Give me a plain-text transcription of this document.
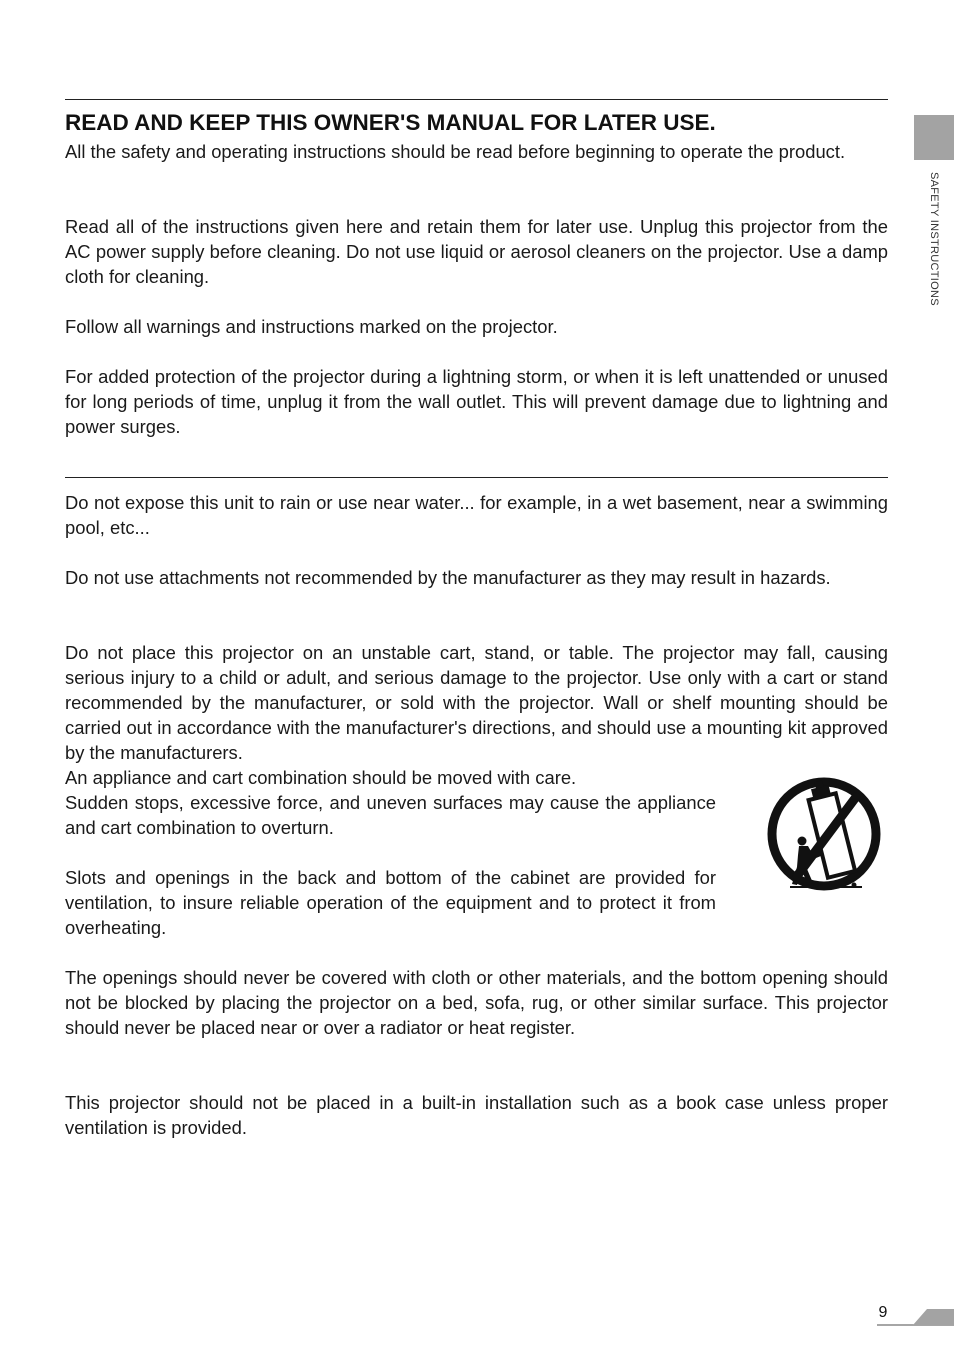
SAFETY INSTRUCTIONS
READ AND KEEP THIS OWNER'S MANUAL FOR LATER USE.

All the safety and operating instructions should be read before beginning to operate the product.

Read all of the instructions given here and retain them for later use. Unplug this projector from the AC power supply before cleaning. Do not use liquid or aerosol cleaners on the projector. Use a damp cloth for cleaning.

Follow all warnings and instructions marked on the projector.

For added protection of the projector during a lightning storm, or when it is left unattended or unused for long periods of time, unplug it from the wall outlet. This will prevent damage due to lightning and power surges.

Do not expose this unit to rain or use near water... for example, in a wet basement, near a swimming pool, etc...

Do not use attachments not recommended by the manufacturer as they may result in hazards.

Do not place this projector on an unstable cart, stand, or table. The projector may fall, causing serious injury to a child or adult, and serious damage to the projector. Use only with a cart or stand recommended by the manufacturer, or sold with the projector. Wall or shelf mounting should be carried out in accordance with the manufacturer's directions, and should use a mounting kit approved by the manufacturers.

An appliance and cart combination should be moved with care.

Sudden stops, excessive force, and uneven surfaces may cause the appliance and cart combination to overturn.

Slots and openings in the back and bottom of the cabinet are provided for ventilation, to insure reliable operation of the equipment and to protect it from overheating.

The openings should never be covered with cloth or other materials, and the bottom opening should not be blocked by placing the projector on a bed, sofa, rug, or other similar surface. This projector should never be placed near or over a radiator or heat register.

This projector should not be placed in a built-in installation such as a book case unless proper ventilation is provided.

9
